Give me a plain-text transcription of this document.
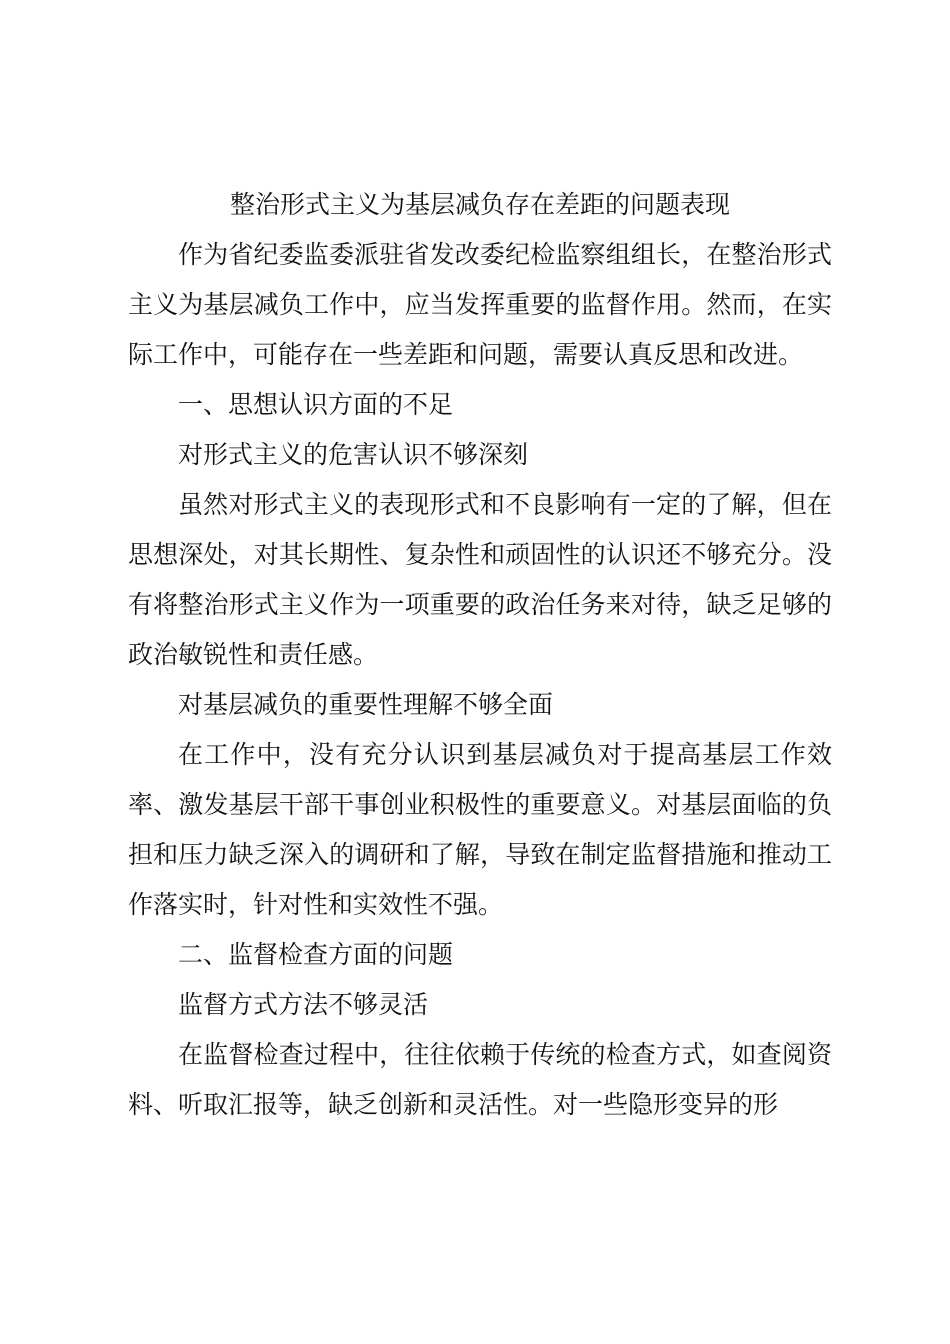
整治形式主义为基层减负存在差距的问题表现

作为省纪委监委派驻省发改委纪检监察组组长，在整治形式主义为基层减负工作中，应当发挥重要的监督作用。然而，在实际工作中，可能存在一些差距和问题，需要认真反思和改进。

一、思想认识方面的不足

对形式主义的危害认识不够深刻

虽然对形式主义的表现形式和不良影响有一定的了解，但在思想深处，对其长期性、复杂性和顽固性的认识还不够充分。没有将整治形式主义作为一项重要的政治任务来对待，缺乏足够的政治敏锐性和责任感。

对基层减负的重要性理解不够全面

在工作中，没有充分认识到基层减负对于提高基层工作效率、激发基层干部干事创业积极性的重要意义。对基层面临的负担和压力缺乏深入的调研和了解，导致在制定监督措施和推动工作落实时，针对性和实效性不强。

二、监督检查方面的问题

监督方式方法不够灵活

在监督检查过程中，往往依赖于传统的检查方式，如查阅资料、听取汇报等，缺乏创新和灵活性。对一些隐形变异的形
